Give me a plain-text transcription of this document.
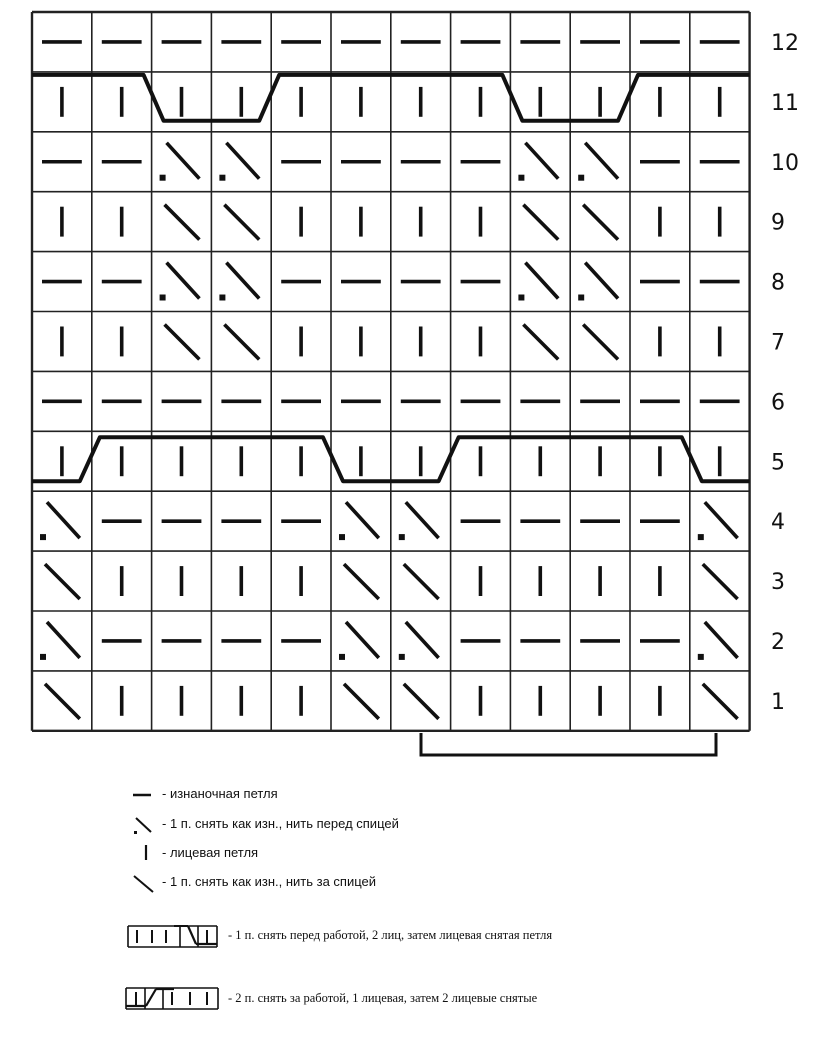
12
11
10
9
8
7
6
5
4
3
2
1
- изнаночная петля
- 1 п. снять как изн., нить перед спицей
- лицевая петля
- 1 п. снять как изн., нить за спицей
- 1 п. снять перед работой, 2 лиц, затем лицевая снятая петля
- 2 п. снять за работой, 1 лицевая, затем 2 лицевые снятые
